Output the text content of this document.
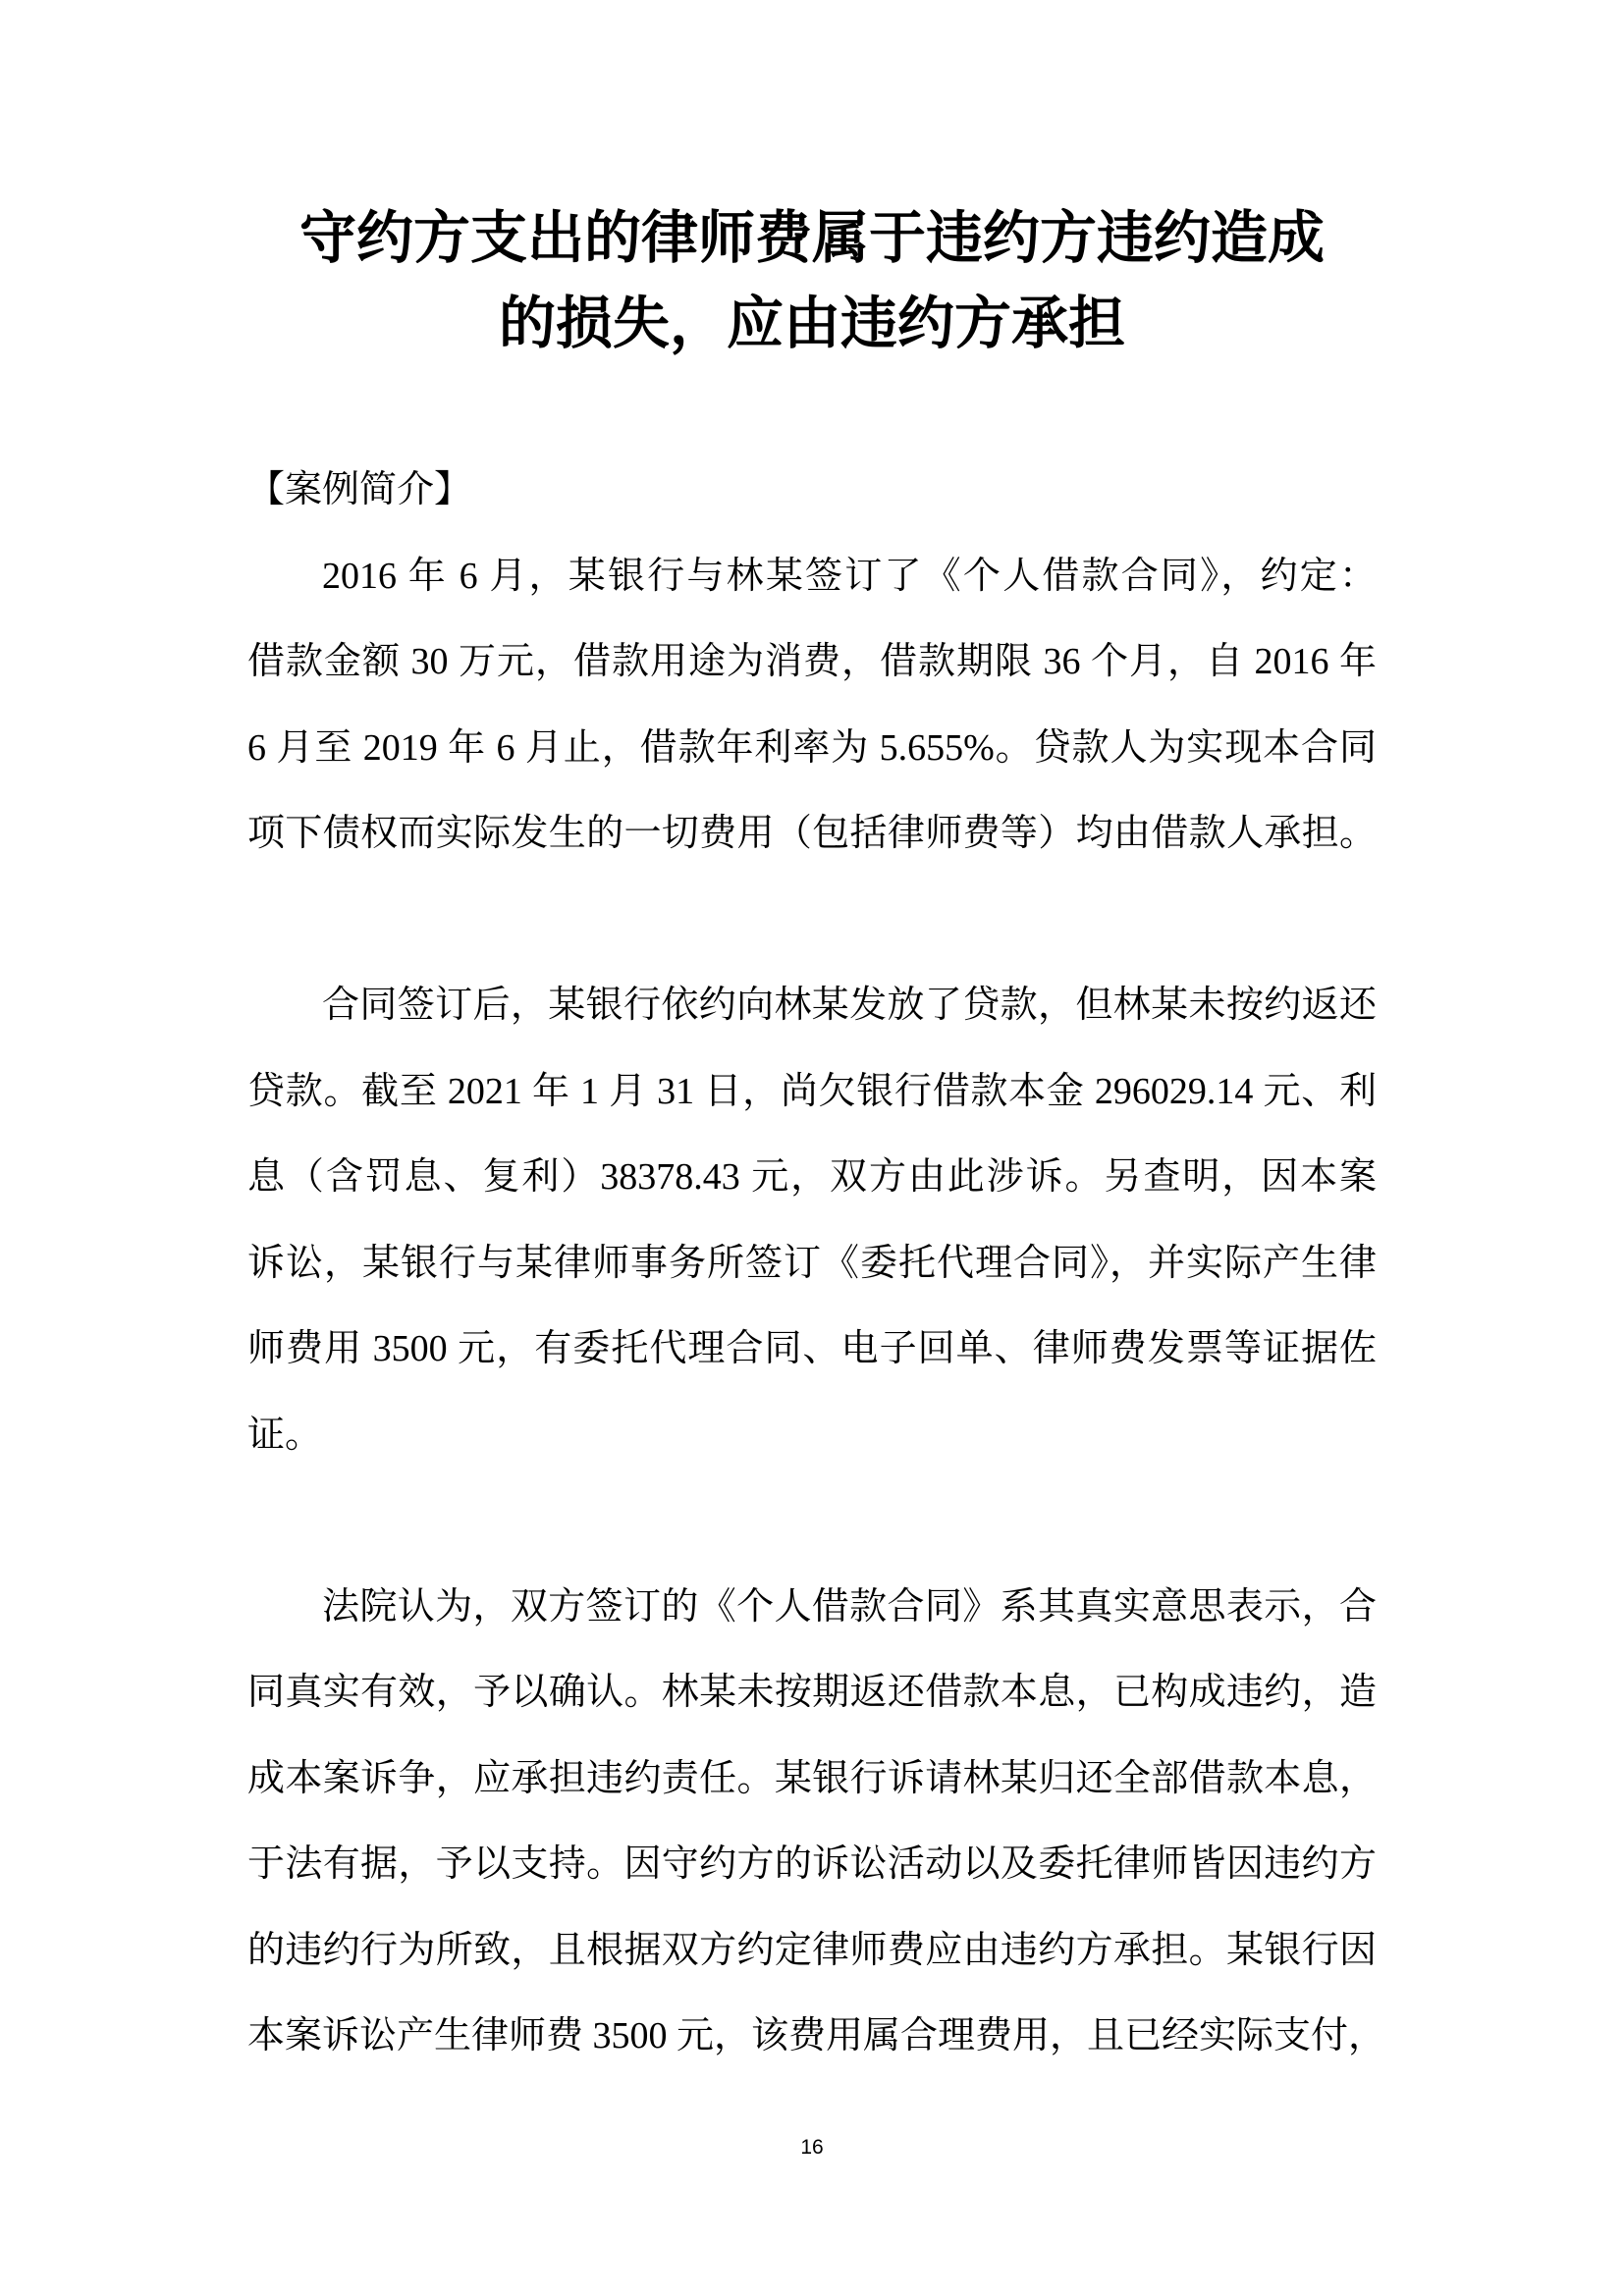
守约方支出的律师费属于违约方违约造成
的损失，应由违约方承担
【案例简介】
2016 年 6 月，某银行与林某签订了《个人借款合同》，约定：
借款金额 30 万元，借款用途为消费，借款期限 36 个月，自 2016 年
6 月至 2019 年 6 月止，借款年利率为 5.655%。贷款人为实现本合同
项下债权而实际发生的一切费用（包括律师费等）均由借款人承担。
合同签订后，某银行依约向林某发放了贷款，但林某未按约返还
贷款。截至 2021 年 1 月 31 日，尚欠银行借款本金 296029.14 元、利
息（含罚息、复利）38378.43 元，双方由此涉诉。另查明，因本案
诉讼，某银行与某律师事务所签订《委托代理合同》，并实际产生律
师费用 3500 元，有委托代理合同、电子回单、律师费发票等证据佐
证。
法院认为，双方签订的《个人借款合同》系其真实意思表示，合
同真实有效，予以确认。林某未按期返还借款本息，已构成违约，造
成本案诉争，应承担违约责任。某银行诉请林某归还全部借款本息，
于法有据，予以支持。因守约方的诉讼活动以及委托律师皆因违约方
的违约行为所致，且根据双方约定律师费应由违约方承担。某银行因
本案诉讼产生律师费 3500 元，该费用属合理费用，且已经实际支付，
16
